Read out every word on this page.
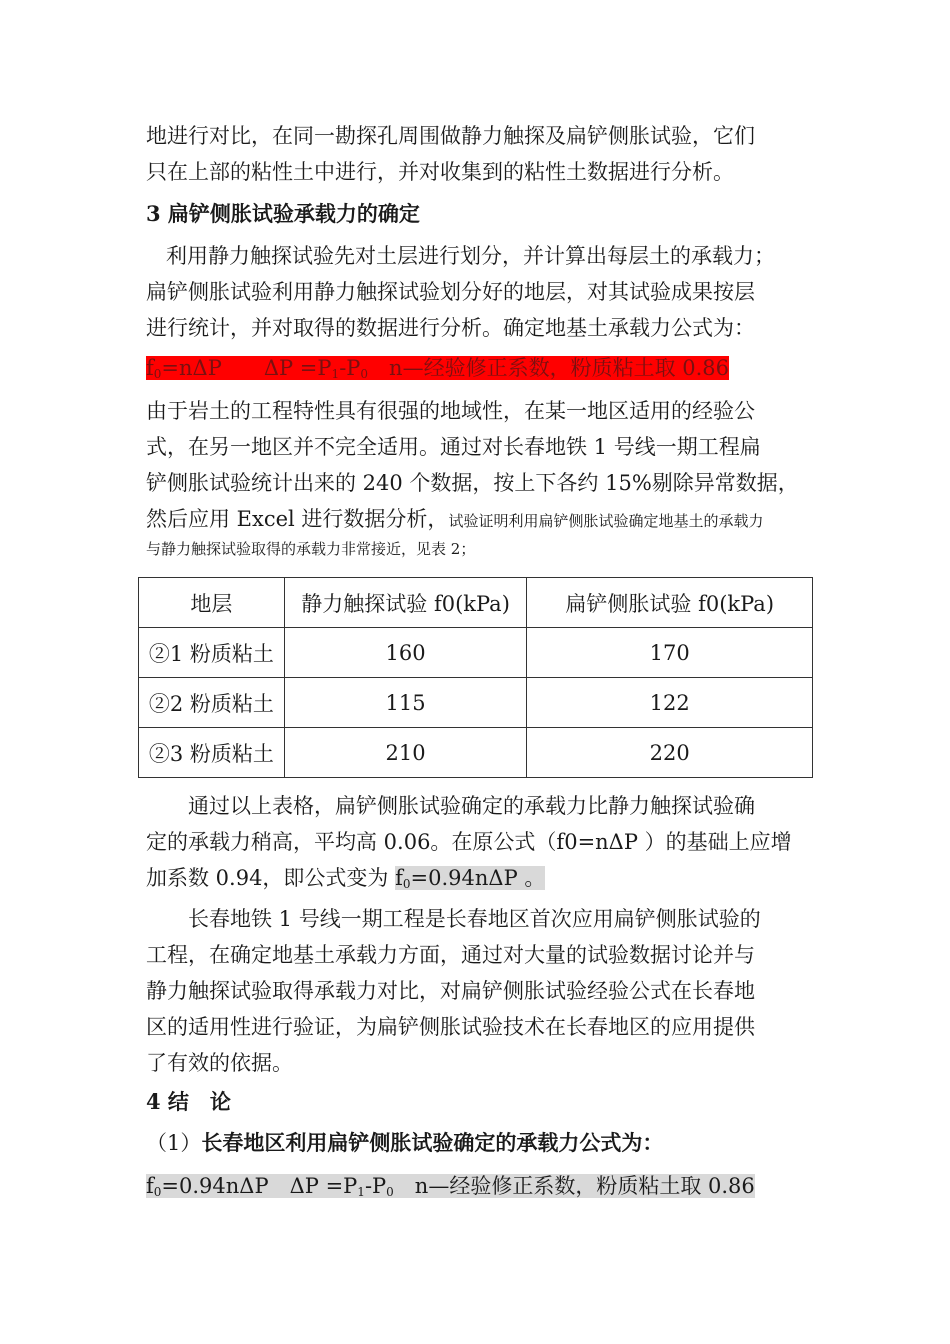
地进行对比，在同一勘探孔周围做静力触探及扁铲侧胀试验，它们
只在上部的粘性土中进行，并对收集到的粘性土数据进行分析。
3 扁铲侧胀试验承载力的确定
利用静力触探试验先对土层进行划分，并计算出每层土的承载力；
扁铲侧胀试验利用静力触探试验划分好的地层，对其试验成果按层
进行统计，并对取得的数据进行分析。确定地基土承载力公式为：
$f_0=n\Delta P$　　$\Delta P =P_1-P_0$　n—经验修正系数，粉质粘土取 0.86
由于岩土的工程特性具有很强的地域性，在某一地区适用的经验公
式，在另一地区并不完全适用。通过对长春地铁 1 号线一期工程扁
铲侧胀试验统计出来的 240 个数据，按上下各约 15%剔除异常数据，
然后应用 Excel 进行数据分析，试验证明利用扁铲侧胀试验确定地基土的承载力
与静力触探试验取得的承载力非常接近，见表 2；
地层	静力触探试验 f0(kPa)	扁铲侧胀试验 f0(kPa)
②1 粉质粘土	160	170
②2 粉质粘土	115	122
②3 粉质粘土	210	220
通过以上表格，扁铲侧胀试验确定的承载力比静力触探试验确
定的承载力稍高，平均高 0.06。在原公式（f0=nΔP ）的基础上应增
加系数 0.94，即公式变为 $f_0=0.94n\Delta P$ 。
长春地铁 1 号线一期工程是长春地区首次应用扁铲侧胀试验的
工程，在确定地基土承载力方面，通过对大量的试验数据讨论并与
静力触探试验取得承载力对比，对扁铲侧胀试验经验公式在长春地
区的适用性进行验证，为扁铲侧胀试验技术在长春地区的应用提供
了有效的依据。
4 结　论
（1）长春地区利用扁铲侧胀试验确定的承载力公式为：
$f_0=0.94n\Delta P$　$\Delta P =P_1-P_0$　n—经验修正系数，粉质粘土取 0.86
